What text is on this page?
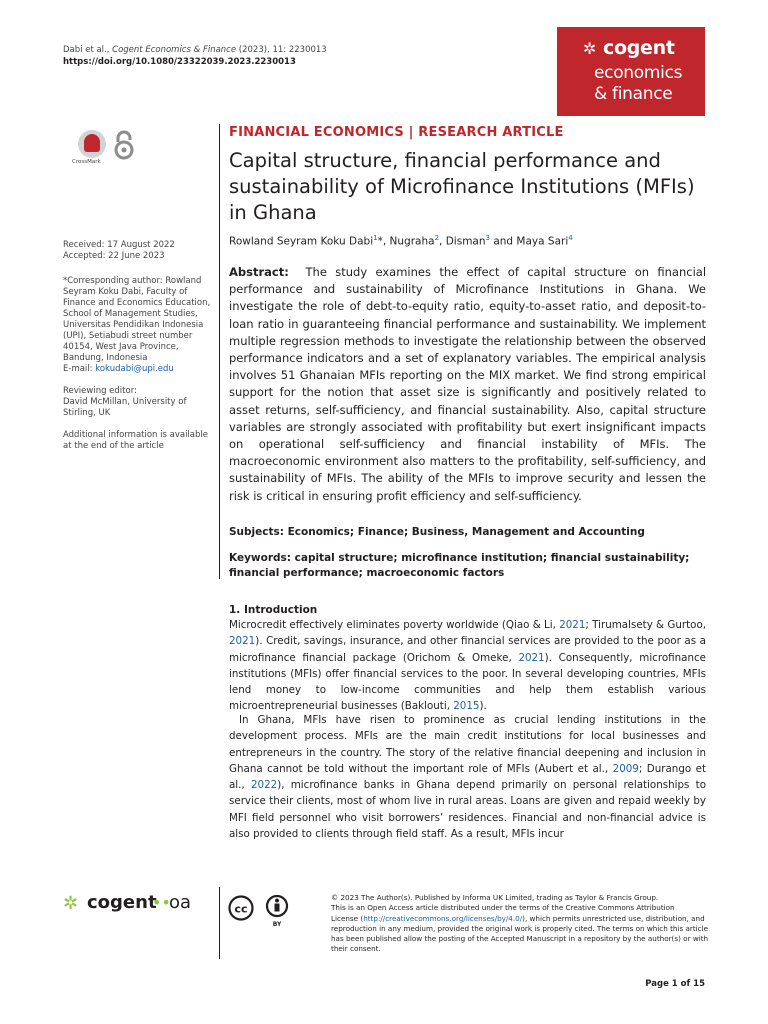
Dabi et al., Cogent Economics & Finance (2023), 11: 2230013
https://doi.org/10.1080/23322039.2023.2230013
✲ cogent
economics
& finance
CrossMark
Received: 17 August 2022
Accepted: 22 June 2023
*Corresponding author: Rowland Seyram Koku Dabi, Faculty of Finance and Economics Education, School of Management Studies, Universitas Pendidikan Indonesia (UPI), Setiabudi street number 40154, West Java Province, Bandung, Indonesia
E-mail: kokudabi@upi.edu
Reviewing editor:
David McMillan, University of Stirling, UK
Additional information is available at the end of the article
FINANCIAL ECONOMICS | RESEARCH ARTICLE
Capital structure, financial performance and sustainability of Microfinance Institutions (MFIs) in Ghana
Rowland Seyram Koku Dabi$^1$*, Nugraha$^2$, Disman$^3$ and Maya Sari$^4$
Abstract: The study examines the effect of capital structure on financial performance and sustainability of Microfinance Institutions in Ghana. We investigate the role of debt-to-equity ratio, equity-to-asset ratio, and deposit-to-loan ratio in guaranteeing financial performance and sustainability. We implement multiple regression methods to investigate the relationship between the observed performance indicators and a set of explanatory variables. The empirical analysis involves 51 Ghanaian MFIs reporting on the MIX market. We find strong empirical support for the notion that asset size is significantly and positively related to asset returns, self-sufficiency, and financial sustainability. Also, capital structure variables are strongly associated with profitability but exert insignificant impacts on operational self-sufficiency and financial instability of MFIs. The macroeconomic environment also matters to the profitability, self-sufficiency, and sustainability of MFIs. The ability of the MFIs to improve security and lessen the risk is critical in ensuring profit efficiency and self-sufficiency.
Subjects: Economics; Finance; Business, Management and Accounting
Keywords: capital structure; microfinance institution; financial sustainability; financial performance; macroeconomic factors
1. Introduction
Microcredit effectively eliminates poverty worldwide (Qiao & Li, 2021; Tirumalsety & Gurtoo, 2021). Credit, savings, insurance, and other financial services are provided to the poor as a microfinance financial package (Orichom & Omeke, 2021). Consequently, microfinance institutions (MFIs) offer financial services to the poor. In several developing countries, MFIs lend money to low-income communities and help them establish various microentrepreneurial businesses (Baklouti, 2015).
In Ghana, MFIs have risen to prominence as crucial lending institutions in the development process. MFIs are the main credit institutions for local businesses and entrepreneurs in the country. The story of the relative financial deepening and inclusion in Ghana cannot be told without the important role of MFIs (Aubert et al., 2009; Durango et al., 2022), microfinance banks in Ghana depend primarily on personal relationships to service their clients, most of whom live in rural areas. Loans are given and repaid weekly by MFI field personnel who visit borrowers’ residences. Financial and non-financial advice is also provided to clients through field staff. As a result, MFIs incur
✲ cogent
••
oa	cc
BY
© 2023 The Author(s). Published by Informa UK Limited, trading as Taylor & Francis Group.
This is an Open Access article distributed under the terms of the Creative Commons Attribution
License (http://creativecommons.org/licenses/by/4.0/), which permits unrestricted use, distribution, and reproduction in any medium, provided the original work is properly cited. The terms on which this article has been published allow the posting of the Accepted Manuscript in a repository by the author(s) or with their consent.
Page 1 of 15
